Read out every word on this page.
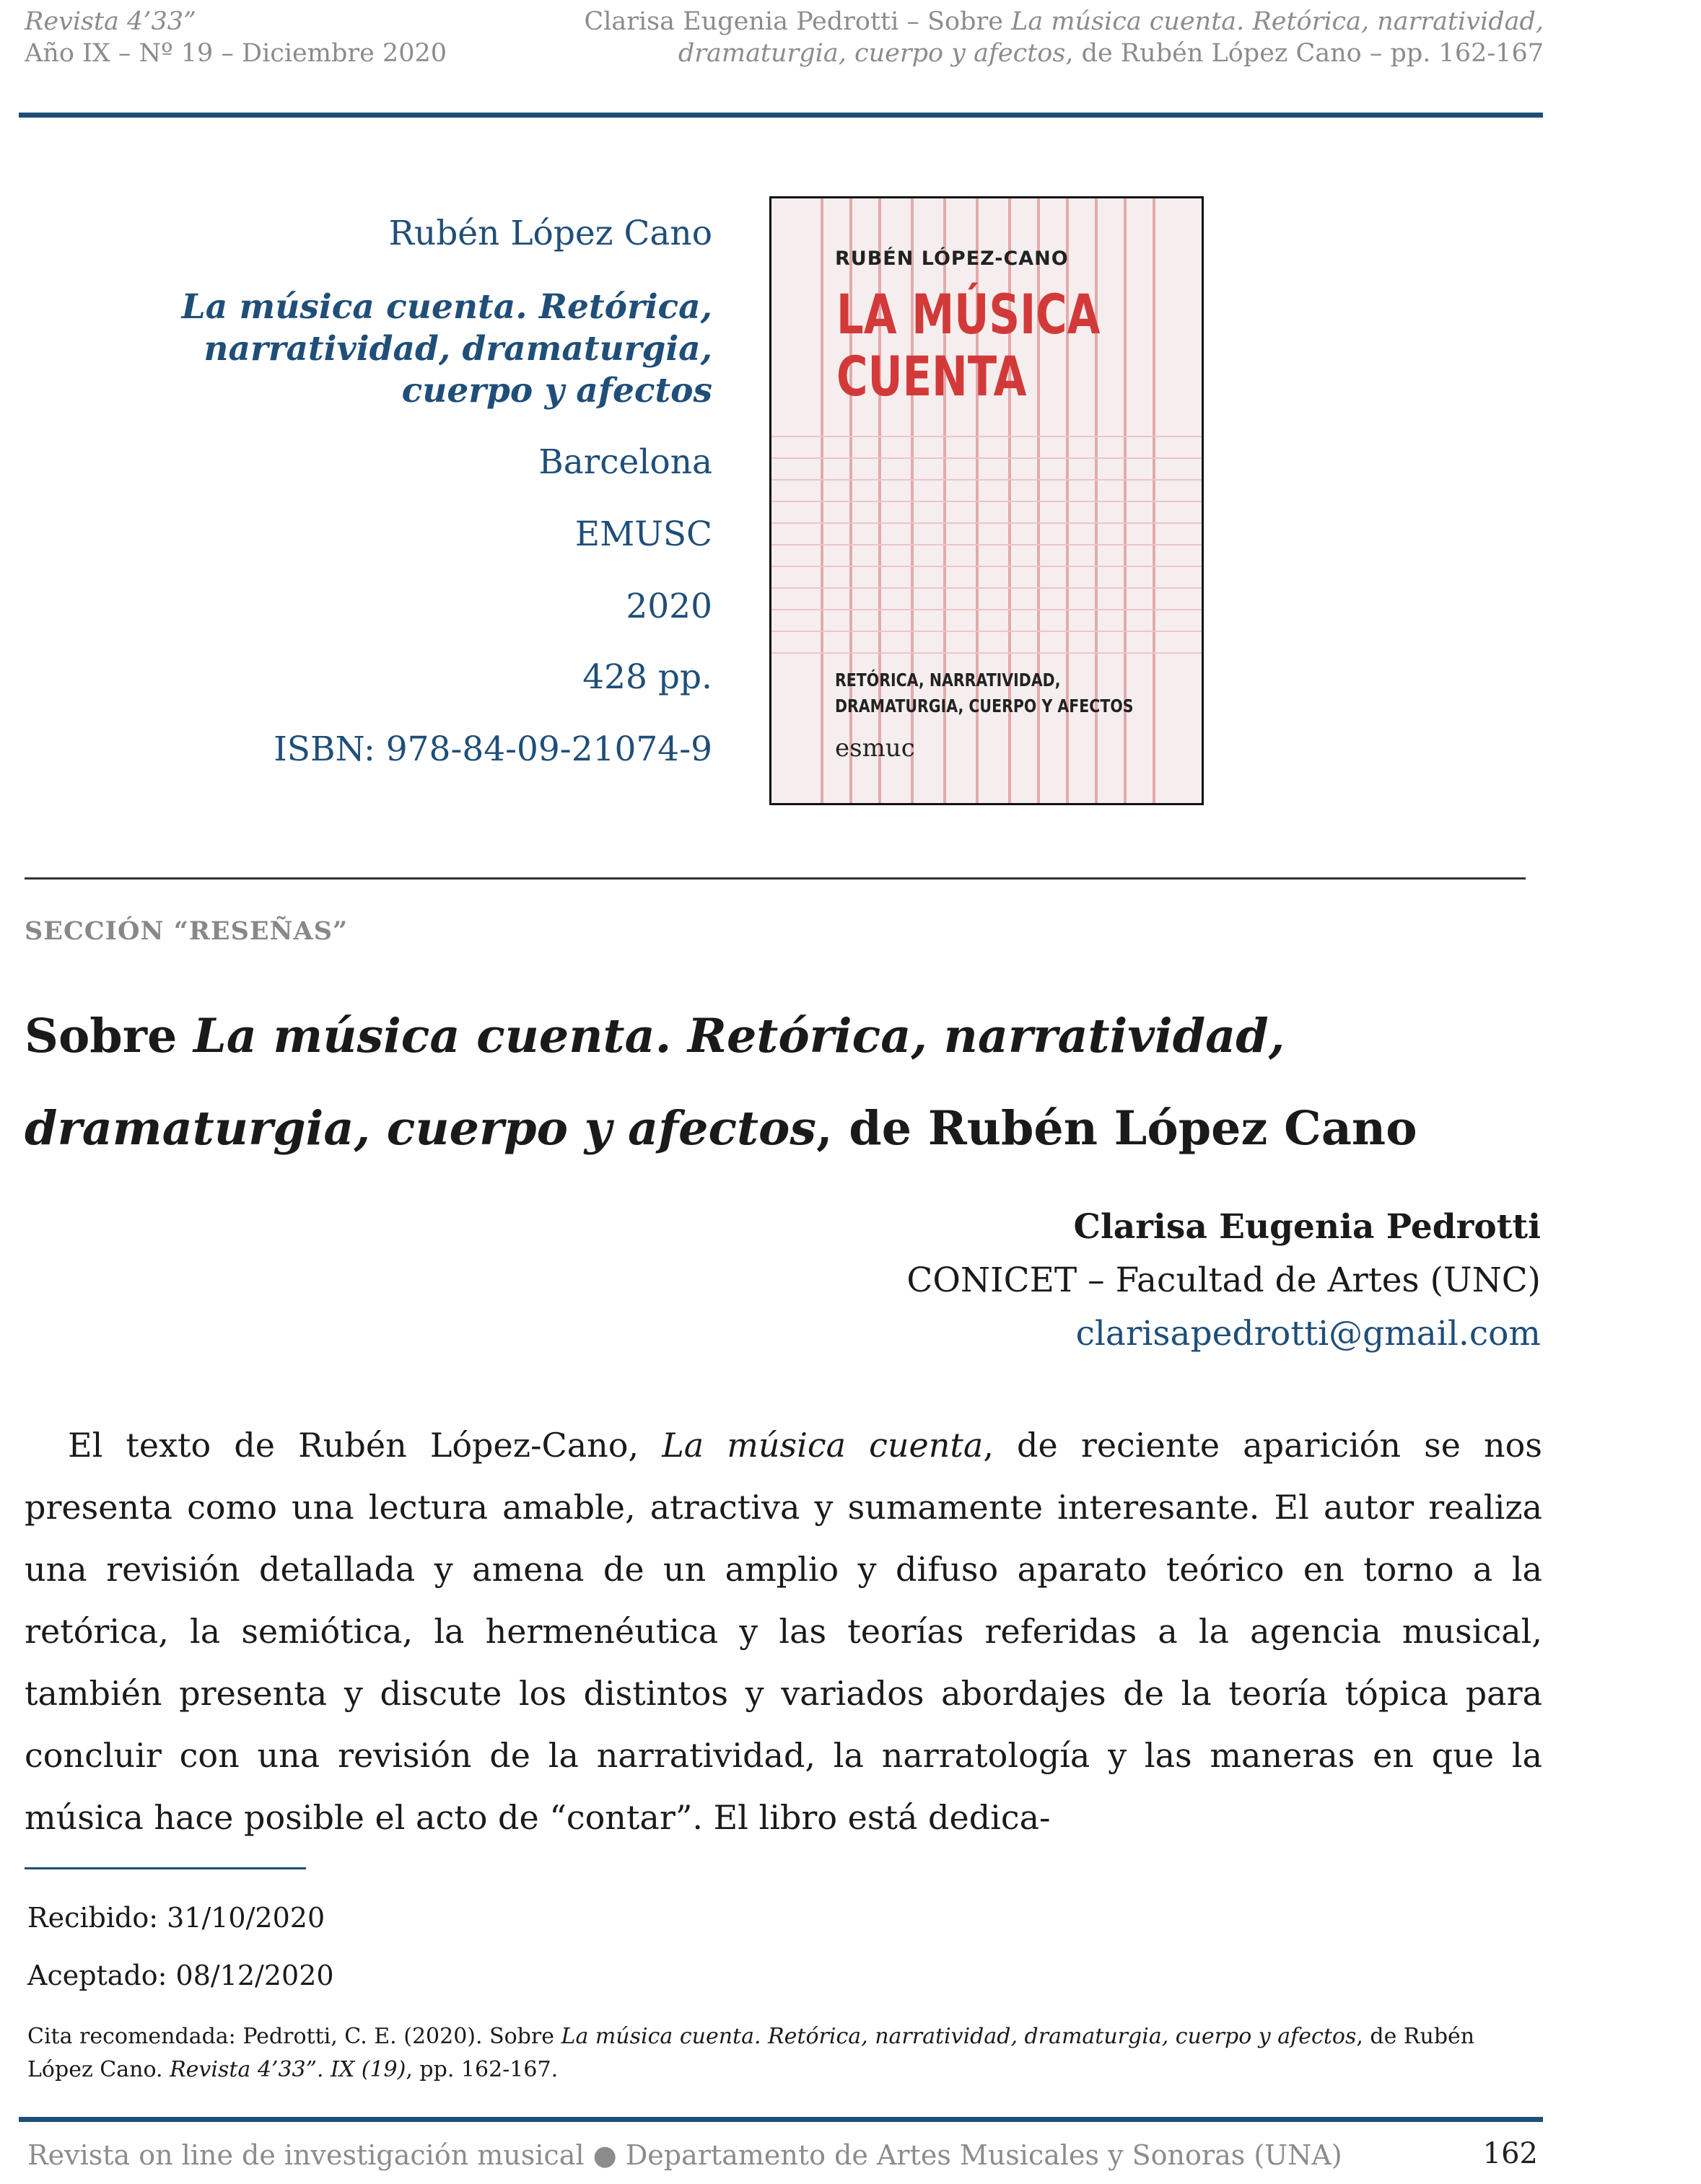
Revista 4’33”
Año IX – Nº 19 – Diciembre 2020
Clarisa Eugenia Pedrotti – Sobre La música cuenta. Retórica, narratividad,
dramaturgia, cuerpo y afectos, de Rubén López Cano – pp. 162-167
Rubén López Cano
La música cuenta. Retórica,
narratividad, dramaturgia,
cuerpo y afectos
Barcelona
EMUSC
2020
428 pp.
ISBN: 978-84-09-21074-9
RUBÉN LÓPEZ-CANO
LA MÚSICA
CUENTA
RETÓRICA, NARRATIVIDAD,
DRAMATURGIA, CUERPO Y AFECTOS
esmuc
SECCIÓN “RESEÑAS”
Sobre La música cuenta. Retórica, narratividad,
dramaturgia, cuerpo y afectos, de Rubén López Cano
Clarisa Eugenia Pedrotti
CONICET – Facultad de Artes (UNC)
clarisapedrotti@gmail.com

El texto de Rubén López-Cano, La música cuenta, de reciente aparición se nos presenta como una lectura amable, atractiva y sumamente interesante. El autor realiza una revisión detallada y amena de un amplio y difuso aparato teórico en torno a la retórica, la semiótica, la hermenéutica y las teorías referidas a la agencia musical, también presenta y discute los distintos y variados abordajes de la teoría tópica para concluir con una revisión de la narratividad, la narratología y las maneras en que la música hace posible el acto de “contar”. El libro está dedica-

Recibido: 31/10/2020
Aceptado: 08/12/2020
Cita recomendada: Pedrotti, C. E. (2020). Sobre La música cuenta. Retórica, narratividad, dramaturgia, cuerpo y afectos, de Rubén López Cano. Revista 4’33”. IX (19), pp. 162-167.
Revista on line de investigación musical ● Departamento de Artes Musicales y Sonoras (UNA)	162
